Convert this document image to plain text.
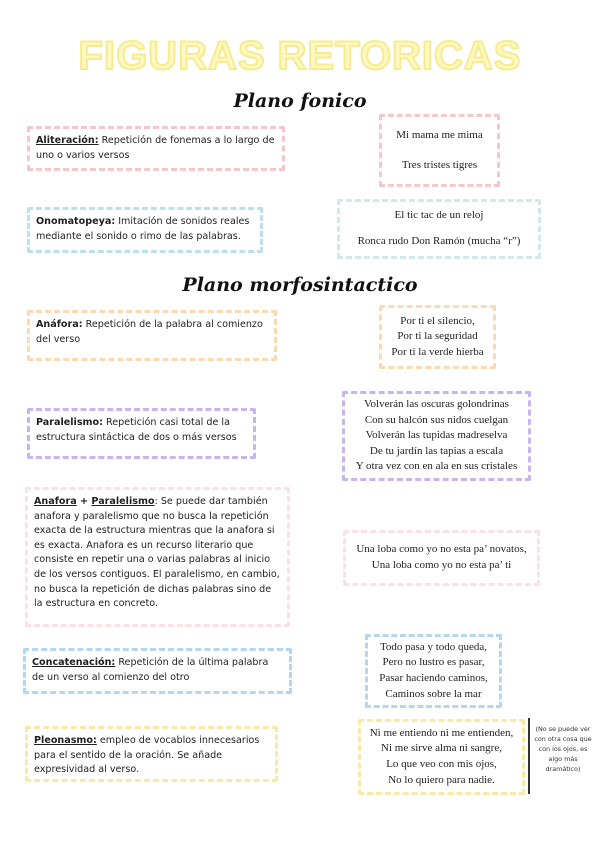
FIGURAS RETORICAS
Plano fonico
Plano morfosintactico
Aliteración: Repetición de fonemas a lo largo de uno o varios versos
Mi mama me mima
Tres tristes tigres
Onomatopeya: Imitación de sonidos reales mediante el sonido o rimo de las palabras.
El tic tac de un reloj
Ronca rudo Don Ramón (mucha “r”)
Anáfora: Repetición de la palabra al comienzo del verso
Por ti el silencio,
Por ti la seguridad
Por ti la verde hierba
Paralelismo: Repetición casi total de la estructura sintáctica de dos o más versos
Volverán las oscuras golondrinas
Con su halcón sus nidos cuelgan
Volverán las tupidas madreselva
De tu jardín las tapias a escala
Y otra vez con en ala en sus cristales
Anafora + Paralelismo: Se puede dar también anafora y paralelismo que no busca la repetición exacta de la estructura mientras que la anafora si es exacta. Anafora es un recurso literario que consiste en repetir una o varias palabras al inicio de los versos contiguos. El paralelismo, en cambio, no busca la repetición de dichas palabras sino de la estructura en concreto.
Una loba como yo no esta pa’ novatos,
Una loba como yo no esta pa’ ti
Concatenación: Repetición de la última palabra de un verso al comienzo del otro
Todo pasa y todo queda,
Pero no lustro es pasar,
Pasar haciendo caminos,
Caminos sobre la mar
Pleonasmo: empleo de vocablos innecesarios para el sentido de la oración. Se añade expresividad al verso.
Ni me entiendo ni me entienden,
Ni me sirve alma ni sangre,
Lo que veo con mis ojos,
No lo quiero para nadie.
(No se puede ver con otra cosa que con los ojos, es algo más dramático)
